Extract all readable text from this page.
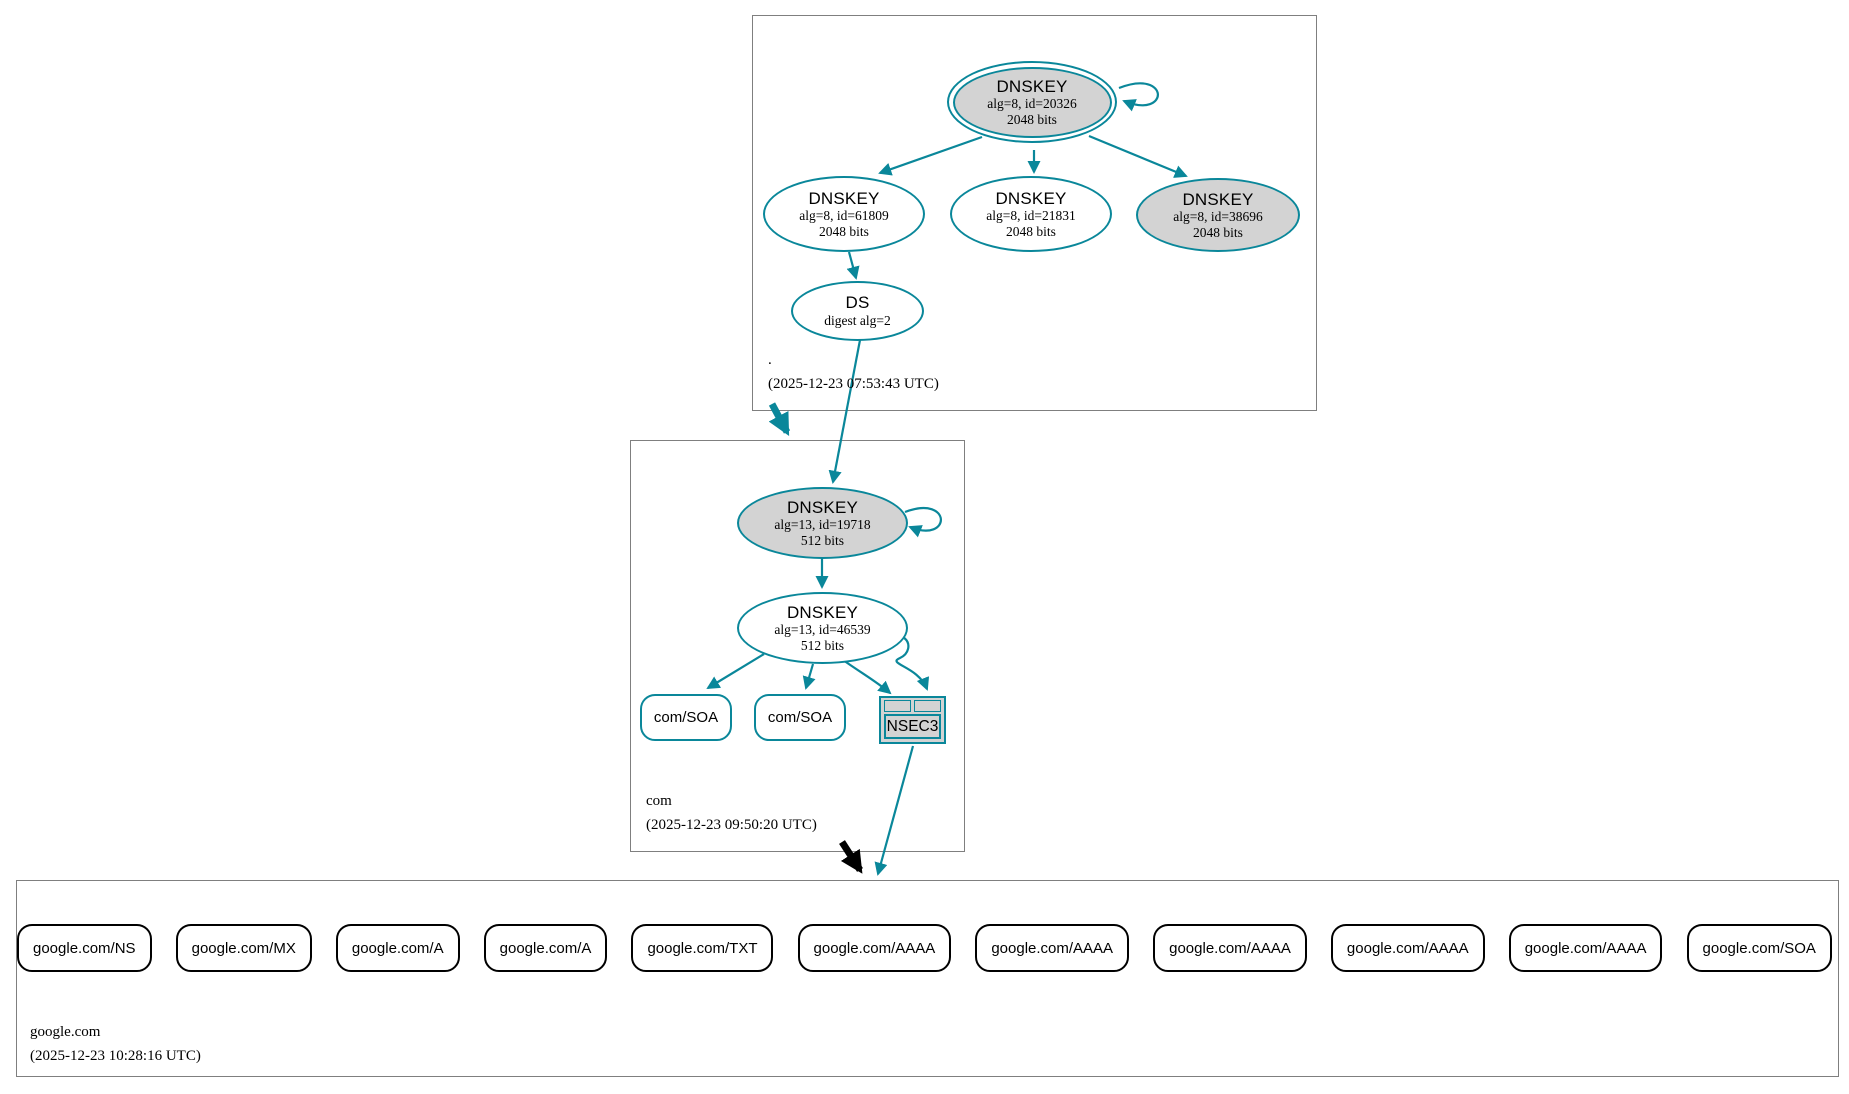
DNSKEY
alg=8, id=20326
2048 bits
DNSKEY
alg=8, id=61809
2048 bits
DNSKEY
alg=8, id=21831
2048 bits
DNSKEY
alg=8, id=38696
2048 bits
DS
digest alg=2
.
(2025-12-23 07:53:43 UTC)
DNSKEY
alg=13, id=19718
512 bits
DNSKEY
alg=13, id=46539
512 bits
com/SOA	com/SOA
NSEC3
com
(2025-12-23 09:50:20 UTC)
google.com/NS	google.com/MX	google.com/A	google.com/A	google.com/TXT	google.com/AAAA	google.com/AAAA	google.com/AAAA	google.com/AAAA	google.com/AAAA	google.com/SOA
google.com
(2025-12-23 10:28:16 UTC)
